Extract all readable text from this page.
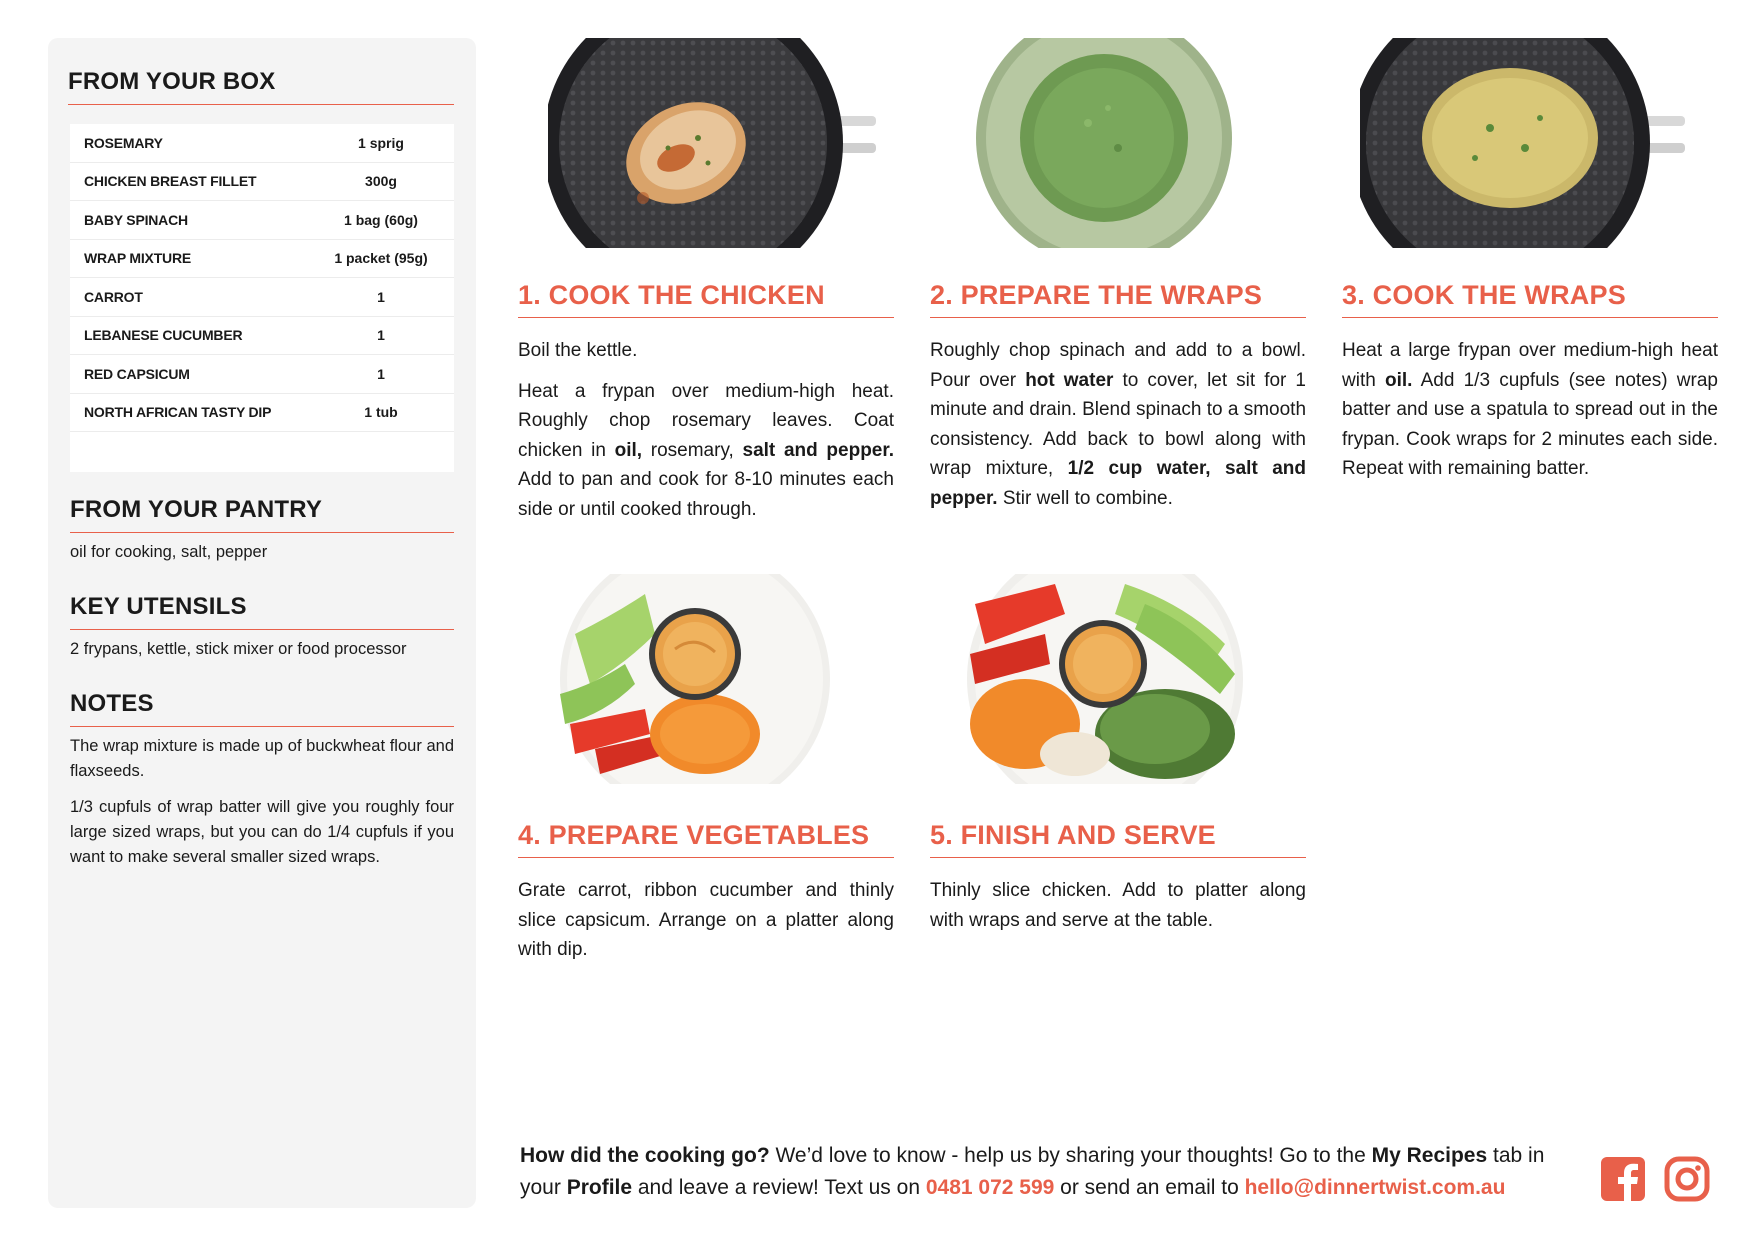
FROM YOUR BOX
ROSEMARY	1 sprig
CHICKEN BREAST FILLET	300g
BABY SPINACH	1 bag (60g)
WRAP MIXTURE	1 packet (95g)
CARROT	1
LEBANESE CUCUMBER	1
RED CAPSICUM	1
NORTH AFRICAN TASTY DIP	1 tub
FROM YOUR PANTRY
oil for cooking, salt, pepper
KEY UTENSILS
2 frypans, kettle, stick mixer or food processor
NOTES

The wrap mixture is made up of buckwheat flour and flaxseeds.

1/3 cupfuls of wrap batter will give you roughly four large sized wraps, but you can do 1/4 cupfuls if you want to make several smaller sized wraps.

1. COOK THE CHICKEN

Boil the kettle.

Heat a frypan over medium-high heat. Roughly chop rosemary leaves. Coat chicken in oil, rosemary, salt and pepper. Add to pan and cook for 8-10 minutes each side or until cooked through.

2. PREPARE THE WRAPS

Roughly chop spinach and add to a bowl. Pour over hot water to cover, let sit for 1 minute and drain. Blend spinach to a smooth consistency. Add back to bowl along with wrap mixture, 1/2 cup water, salt and pepper. Stir well to combine.

3. COOK THE WRAPS

Heat a large frypan over medium-high heat with oil. Add 1/3 cupfuls (see notes) wrap batter and use a spatula to spread out in the frypan. Cook wraps for 2 minutes each side. Repeat with remaining batter.

4. PREPARE VEGETABLES

Grate carrot, ribbon cucumber and thinly slice capsicum. Arrange on a platter along with dip.

5. FINISH AND SERVE

Thinly slice chicken. Add to platter along with wraps and serve at the table.

How did the cooking go? We’d love to know - help us by sharing your thoughts! Go to the My Recipes tab in your Profile and leave a review! Text us on 0481 072 599 or send an email to hello@dinnertwist.com.au
